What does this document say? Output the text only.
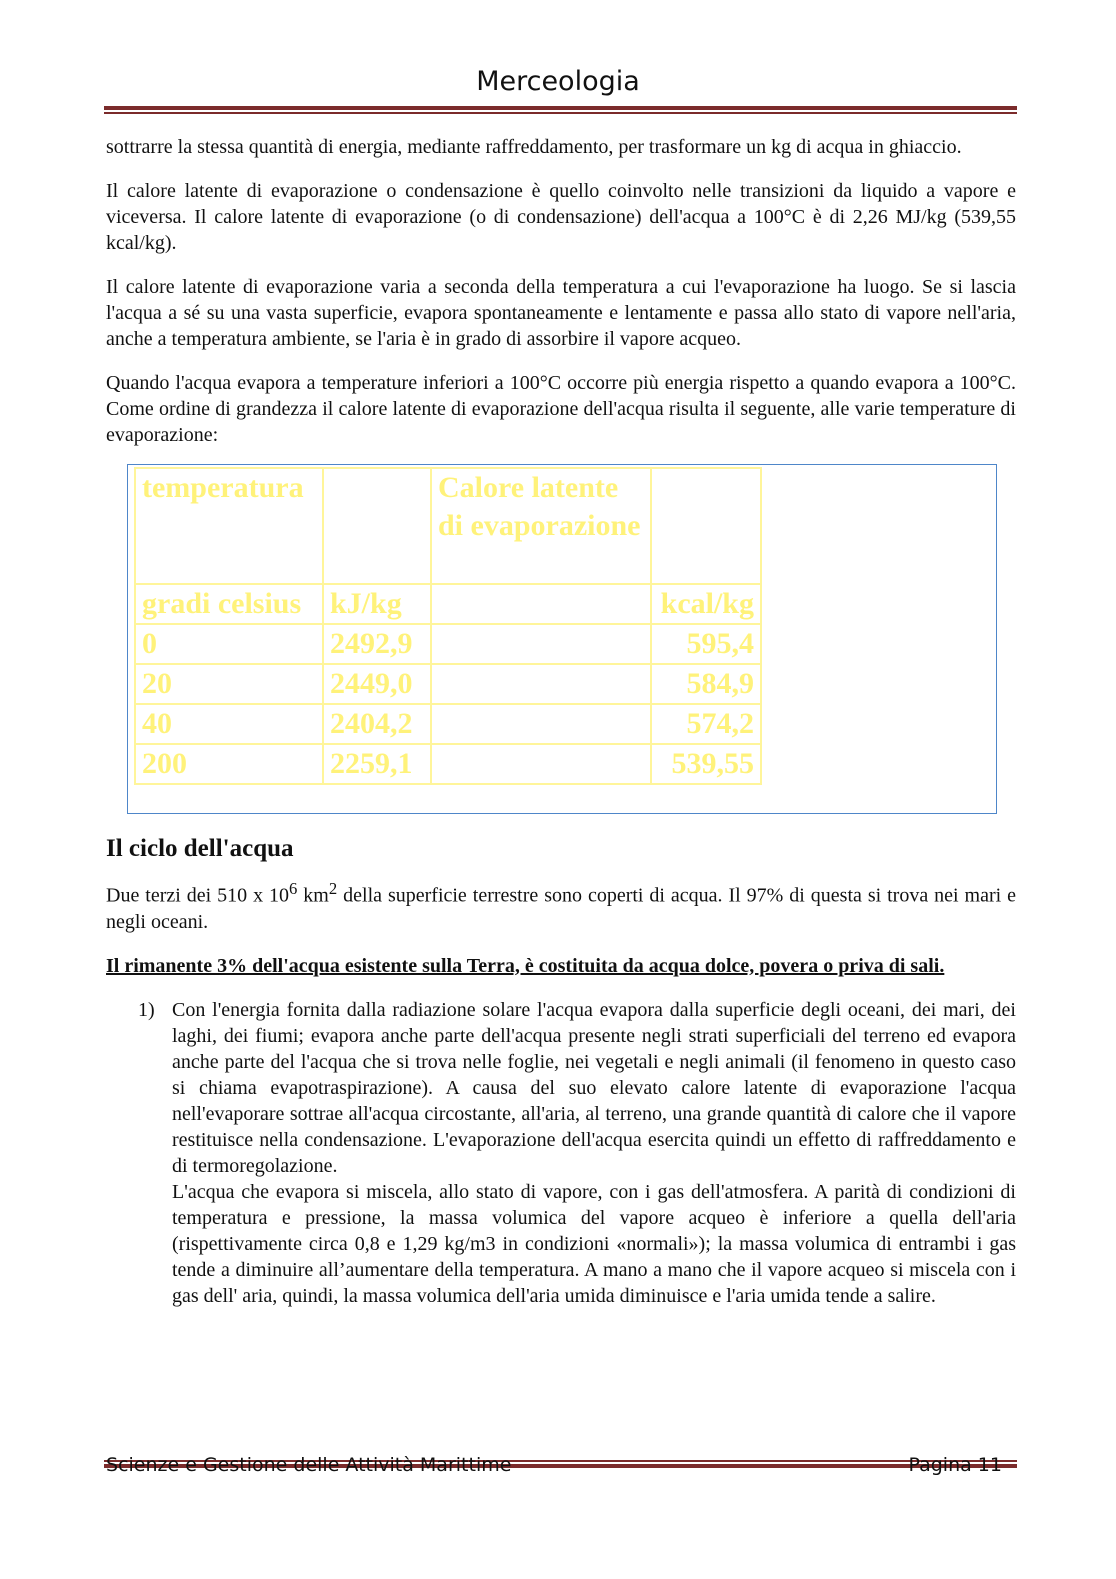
Merceologia

sottrarre la stessa quantità di energia, mediante raffreddamento, per trasformare un kg di acqua in ghiaccio.

Il calore latente di evaporazione o condensazione è quello coinvolto nelle transizioni da liquido a vapore e viceversa. Il calore latente di evaporazione (o di condensazione) dell'acqua a 100°C è di 2,26 MJ/kg (539,55 kcal/kg).

Il calore latente di evaporazione varia a seconda della temperatura a cui l'evaporazione ha luogo. Se si lascia l'acqua a sé su una vasta superficie, evapora spontaneamente e lentamente e passa allo stato di vapore nell'aria, anche a temperatura ambiente, se l'aria è in grado di assorbire il vapore acqueo.

Quando l'acqua evapora a temperature inferiori a 100°C occorre più energia rispetto a quando evapora a 100°C. Come ordine di grandezza il calore latente di evaporazione dell'acqua risulta il seguente, alle varie temperature di evaporazione:

temperatura		Calore latente di evaporazione	
gradi celsius	kJ/kg		kcal/kg
0	2492,9		595,4
20	2449,0		584,9
40	2404,2		574,2
200	2259,1		539,55
Il ciclo dell'acqua

Due terzi dei 510 x $10^6$ $km^2$ della superficie terrestre sono coperti di acqua. Il 97% di questa si trova nei mari e negli oceani.

Il rimanente 3% dell'acqua esistente sulla Terra, è costituita da acqua dolce, povera o priva di sali.

1) Con l'energia fornita dalla radiazione solare l'acqua evapora dalla superficie degli oceani, dei mari, dei laghi, dei fiumi; evapora anche parte dell'acqua presente negli strati superficiali del terreno ed evapora anche parte del l'acqua che si trova nelle foglie, nei vegetali e negli animali (il fenomeno in questo caso si chiama evapotraspirazione). A causa del suo elevato calore latente di evaporazione l'acqua nell'evaporare sottrae all'acqua circostante, all'aria, al terreno, una grande quantità di calore che il vapore restituisce nella condensazione. L'evaporazione dell'acqua esercita quindi un effetto di raffreddamento e di termoregolazione.

L'acqua che evapora si miscela, allo stato di vapore, con i gas dell'atmosfera. A parità di condizioni di temperatura e pressione, la massa volumica del vapore acqueo è inferiore a quella dell'aria (rispettivamente circa 0,8 e 1,29 kg/m3 in condizioni «normali»); la massa volumica di entrambi i gas tende a diminuire all’aumentare della temperatura. A mano a mano che il vapore acqueo si miscela con i gas dell' aria, quindi, la massa volumica dell'aria umida diminuisce e l'aria umida tende a salire.

Scienze e Gestione delle Attività Marittime	Pagina 11
